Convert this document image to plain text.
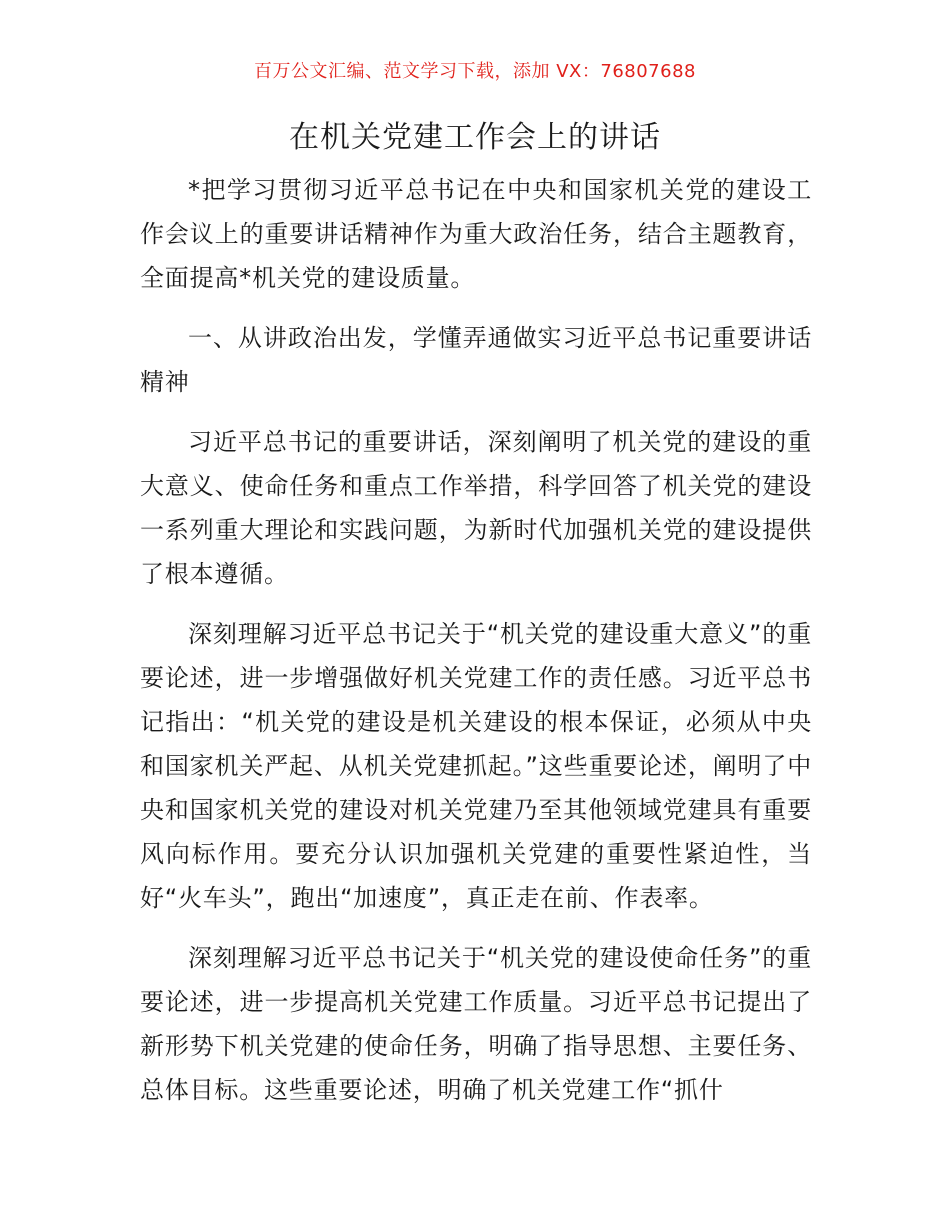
百万公文汇编、范文学习下载，添加 VX：76807688
在机关党建工作会上的讲话

*把学习贯彻习近平总书记在中央和国家机关党的建设工作会议上的重要讲话精神作为重大政治任务，结合主题教育，全面提高*机关党的建设质量。

一、从讲政治出发，学懂弄通做实习近平总书记重要讲话精神

习近平总书记的重要讲话，深刻阐明了机关党的建设的重大意义、使命任务和重点工作举措，科学回答了机关党的建设一系列重大理论和实践问题，为新时代加强机关党的建设提供了根本遵循。

深刻理解习近平总书记关于“机关党的建设重大意义”的重要论述，进一步增强做好机关党建工作的责任感。习近平总书记指出：“机关党的建设是机关建设的根本保证，必须从中央和国家机关严起、从机关党建抓起。”这些重要论述，阐明了中央和国家机关党的建设对机关党建乃至其他领域党建具有重要风向标作用。要充分认识加强机关党建的重要性紧迫性，当好“火车头”，跑出“加速度”，真正走在前、作表率。

深刻理解习近平总书记关于“机关党的建设使命任务”的重要论述，进一步提高机关党建工作质量。习近平总书记提出了新形势下机关党建的使命任务，明确了指导思想、主要任务、总体目标。这些重要论述，明确了机关党建工作“抓什
